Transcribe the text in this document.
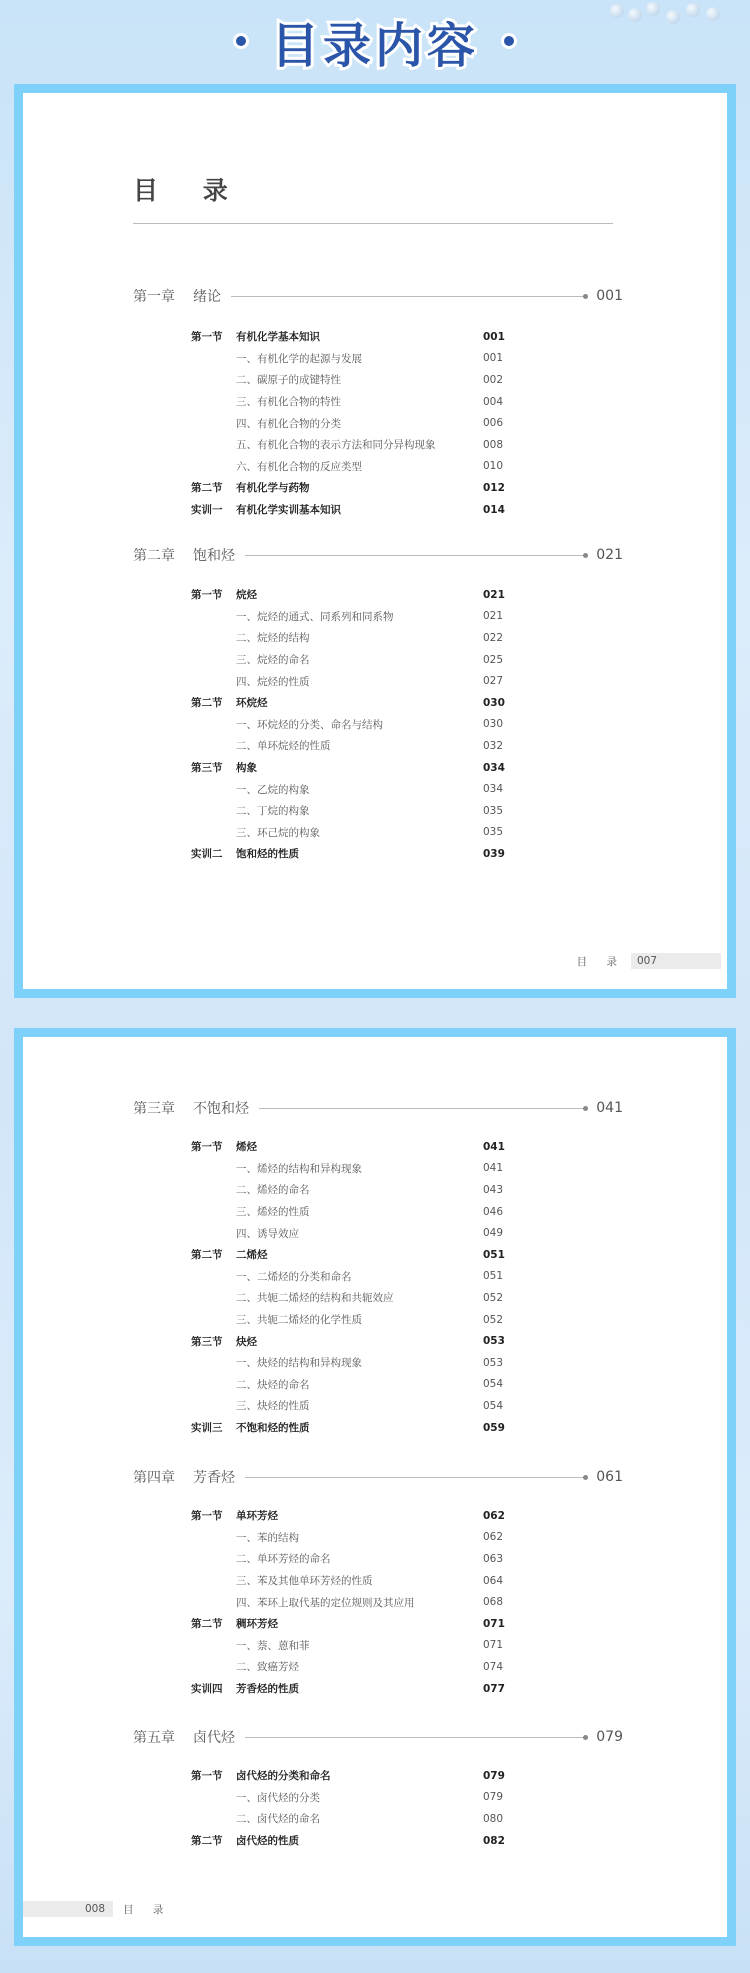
目录内容
目 录
第一章	绪论	001
第一节	有机化学基本知识	001
一、有机化学的起源与发展	001
二、碳原子的成键特性	002
三、有机化合物的特性	004
四、有机化合物的分类	006
五、有机化合物的表示方法和同分异构现象	008
六、有机化合物的反应类型	010
第二节	有机化学与药物	012
实训一	有机化学实训基本知识	014
第二章	饱和烃	021
第一节	烷烃	021
一、烷烃的通式、同系列和同系物	021
二、烷烃的结构	022
三、烷烃的命名	025
四、烷烃的性质	027
第二节	环烷烃	030
一、环烷烃的分类、命名与结构	030
二、单环烷烃的性质	032
第三节	构象	034
一、乙烷的构象	034
二、丁烷的构象	035
三、环己烷的构象	035
实训二	饱和烃的性质	039
目 录	007
第三章	不饱和烃	041
第一节	烯烃	041
一、烯烃的结构和异构现象	041
二、烯烃的命名	043
三、烯烃的性质	046
四、诱导效应	049
第二节	二烯烃	051
一、二烯烃的分类和命名	051
二、共轭二烯烃的结构和共轭效应	052
三、共轭二烯烃的化学性质	052
第三节	炔烃	053
一、炔烃的结构和异构现象	053
二、炔烃的命名	054
三、炔烃的性质	054
实训三	不饱和烃的性质	059
第四章	芳香烃	061
第一节	单环芳烃	062
一、苯的结构	062
二、单环芳烃的命名	063
三、苯及其他单环芳烃的性质	064
四、苯环上取代基的定位规则及其应用	068
第二节	稠环芳烃	071
一、萘、蒽和菲	071
二、致癌芳烃	074
实训四	芳香烃的性质	077
第五章	卤代烃	079
第一节	卤代烃的分类和命名	079
一、卤代烃的分类	079
二、卤代烃的命名	080
第二节	卤代烃的性质	082
008	目 录
